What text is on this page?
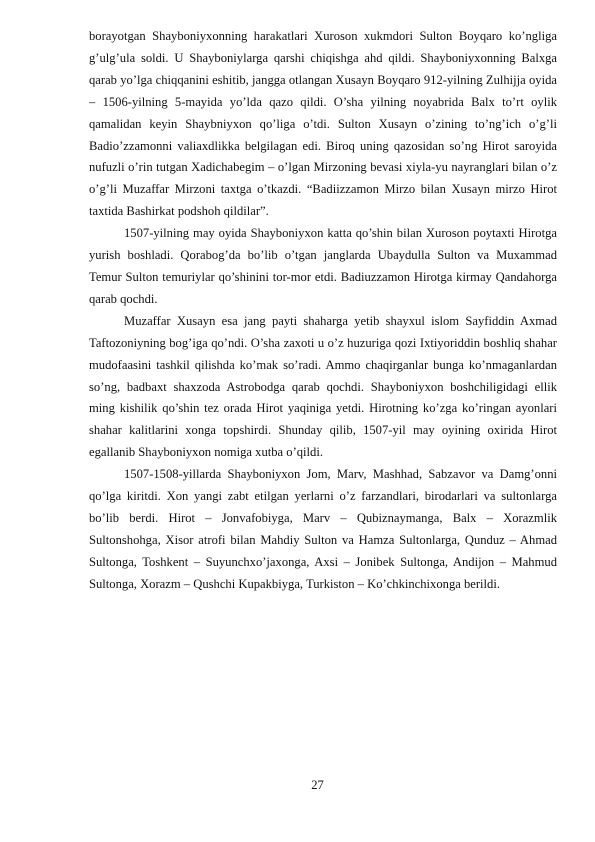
borayotgan Shayboniyxonning harakatlari Xuroson xukmdori Sulton Boyqaro ko’ngliga g’ulg’ula soldi. U Shayboniylarga qarshi chiqishga ahd qildi. Shayboniyxonning Balxga qarab yo’lga chiqqanini eshitib, jangga otlangan Xusayn Boyqaro 912-yilning Zulhijja oyida – 1506-yilning 5-mayida yo’lda qazo qildi. O’sha yilning noyabrida Balx to’rt oylik qamalidan keyin Shaybniyxon qo’liga o’tdi. Sulton Xusayn o’zining to’ng’ich o’g’li Badio’zzamonni valiaxdlikka belgilagan edi. Biroq uning qazosidan so’ng Hirot saroyida nufuzli o’rin tutgan Xadichabegim – o’lgan Mirzoning bevasi xiyla-yu nayranglari bilan o’z o’g’li Muzaffar Mirzoni taxtga o’tkazdi. “Badiizzamon Mirzo bilan Xusayn mirzo Hirot taxtida Bashirkat podshoh qildilar”.

1507-yilning may oyida Shayboniyxon katta qo’shin bilan Xuroson poytaxti Hirotga yurish boshladi. Qorabog’da bo’lib o’tgan janglarda Ubaydulla Sulton va Muxammad Temur Sulton temuriylar qo’shinini tor-mor etdi. Badiuzzamon Hirotga kirmay Qandahorga qarab qochdi.

Muzaffar Xusayn esa jang payti shaharga yetib shayxul islom Sayfiddin Axmad Taftozoniyning bog’iga qo’ndi. O’sha zaxoti u o’z huzuriga qozi Ixtiyoriddin boshliq shahar mudofaasini tashkil qilishda ko’mak so’radi. Ammo chaqirganlar bunga ko’nmaganlardan so’ng, badbaxt shaxzoda Astrobodga qarab qochdi. Shayboniyxon boshchiligidagi ellik ming kishilik qo’shin tez orada Hirot yaqiniga yetdi. Hirotning ko’zga ko’ringan ayonlari shahar kalitlarini xonga topshirdi. Shunday qilib, 1507-yil may oyining oxirida Hirot egallanib Shayboniyxon nomiga xutba o’qildi.

1507-1508-yillarda Shayboniyxon Jom, Marv, Mashhad, Sabzavor va Damg’onni qo’lga kiritdi. Xon yangi zabt etilgan yerlarni o’z farzandlari, birodarlari va sultonlarga bo’lib berdi. Hirot – Jonvafobiyga, Marv – Qubiznaymanga, Balx – Xorazmlik Sultonshohga, Xisor atrofi bilan Mahdiy Sulton va Hamza Sultonlarga, Qunduz – Ahmad Sultonga, Toshkent – Suyunchxo’jaxonga, Axsi – Jonibek Sultonga, Andijon – Mahmud Sultonga, Xorazm – Qushchi Kupakbiyga, Turkiston – Ko’chkinchixonga berildi.

27
